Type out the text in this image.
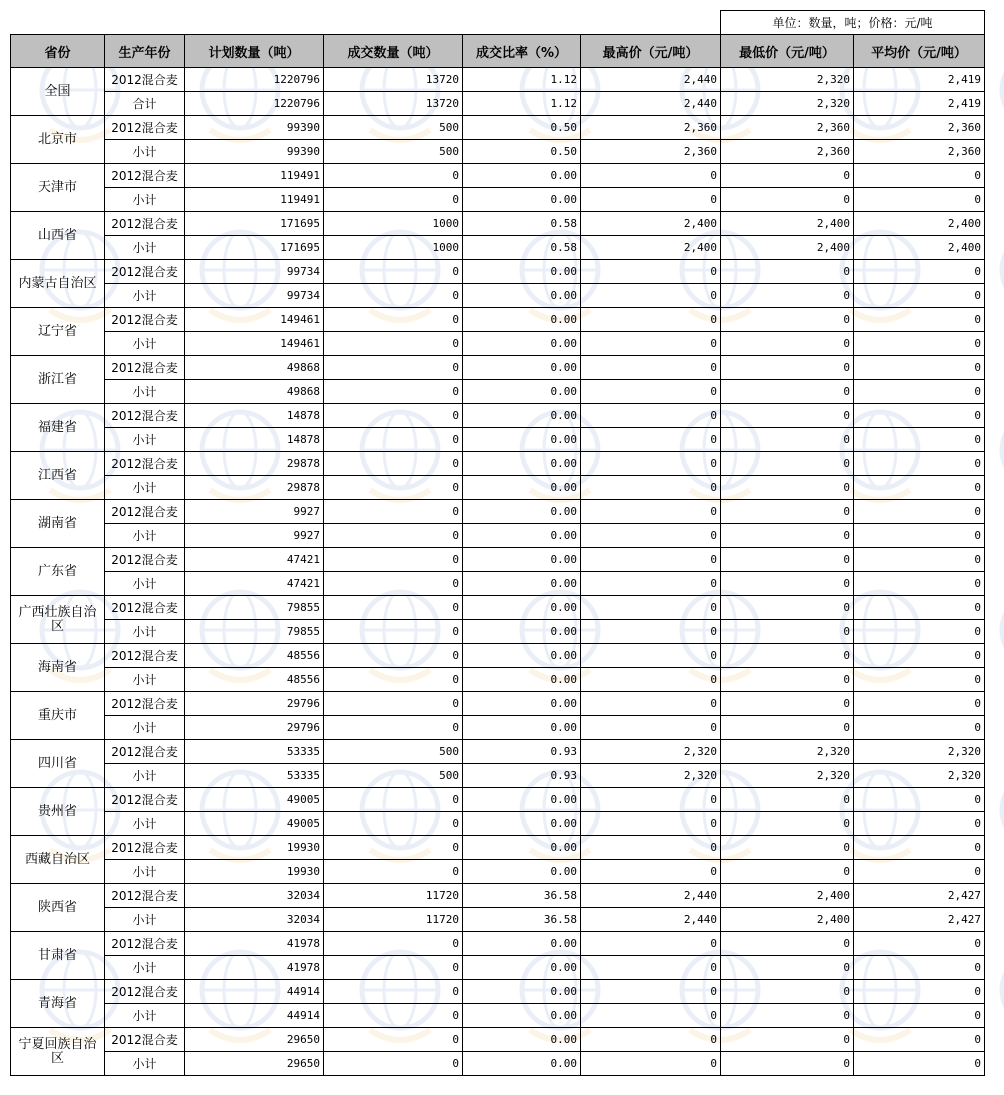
						单位：数量，吨；价格：元/吨	
省份	生产年份	计划数量（吨）	成交数量（吨）	成交比率（%）	最高价（元/吨）	最低价（元/吨）	平均价（元/吨）
全国	2012混合麦	1220796	13720	1.12	2,440	2,320	2,419
	合计	1220796	13720	1.12	2,440	2,320	2,419
北京市	2012混合麦	99390	500	0.50	2,360	2,360	2,360
	小计	99390	500	0.50	2,360	2,360	2,360
天津市	2012混合麦	119491	0	0.00	0	0	0
	小计	119491	0	0.00	0	0	0
山西省	2012混合麦	171695	1000	0.58	2,400	2,400	2,400
	小计	171695	1000	0.58	2,400	2,400	2,400
内蒙古自治区	2012混合麦	99734	0	0.00	0	0	0
	小计	99734	0	0.00	0	0	0
辽宁省	2012混合麦	149461	0	0.00	0	0	0
	小计	149461	0	0.00	0	0	0
浙江省	2012混合麦	49868	0	0.00	0	0	0
	小计	49868	0	0.00	0	0	0
福建省	2012混合麦	14878	0	0.00	0	0	0
	小计	14878	0	0.00	0	0	0
江西省	2012混合麦	29878	0	0.00	0	0	0
	小计	29878	0	0.00	0	0	0
湖南省	2012混合麦	9927	0	0.00	0	0	0
	小计	9927	0	0.00	0	0	0
广东省	2012混合麦	47421	0	0.00	0	0	0
	小计	47421	0	0.00	0	0	0
广西壮族自治区	2012混合麦	79855	0	0.00	0	0	0
	小计	79855	0	0.00	0	0	0
海南省	2012混合麦	48556	0	0.00	0	0	0
	小计	48556	0	0.00	0	0	0
重庆市	2012混合麦	29796	0	0.00	0	0	0
	小计	29796	0	0.00	0	0	0
四川省	2012混合麦	53335	500	0.93	2,320	2,320	2,320
	小计	53335	500	0.93	2,320	2,320	2,320
贵州省	2012混合麦	49005	0	0.00	0	0	0
	小计	49005	0	0.00	0	0	0
西藏自治区	2012混合麦	19930	0	0.00	0	0	0
	小计	19930	0	0.00	0	0	0
陕西省	2012混合麦	32034	11720	36.58	2,440	2,400	2,427
	小计	32034	11720	36.58	2,440	2,400	2,427
甘肃省	2012混合麦	41978	0	0.00	0	0	0
	小计	41978	0	0.00	0	0	0
青海省	2012混合麦	44914	0	0.00	0	0	0
	小计	44914	0	0.00	0	0	0
宁夏回族自治区	2012混合麦	29650	0	0.00	0	0	0
	小计	29650	0	0.00	0	0	0
